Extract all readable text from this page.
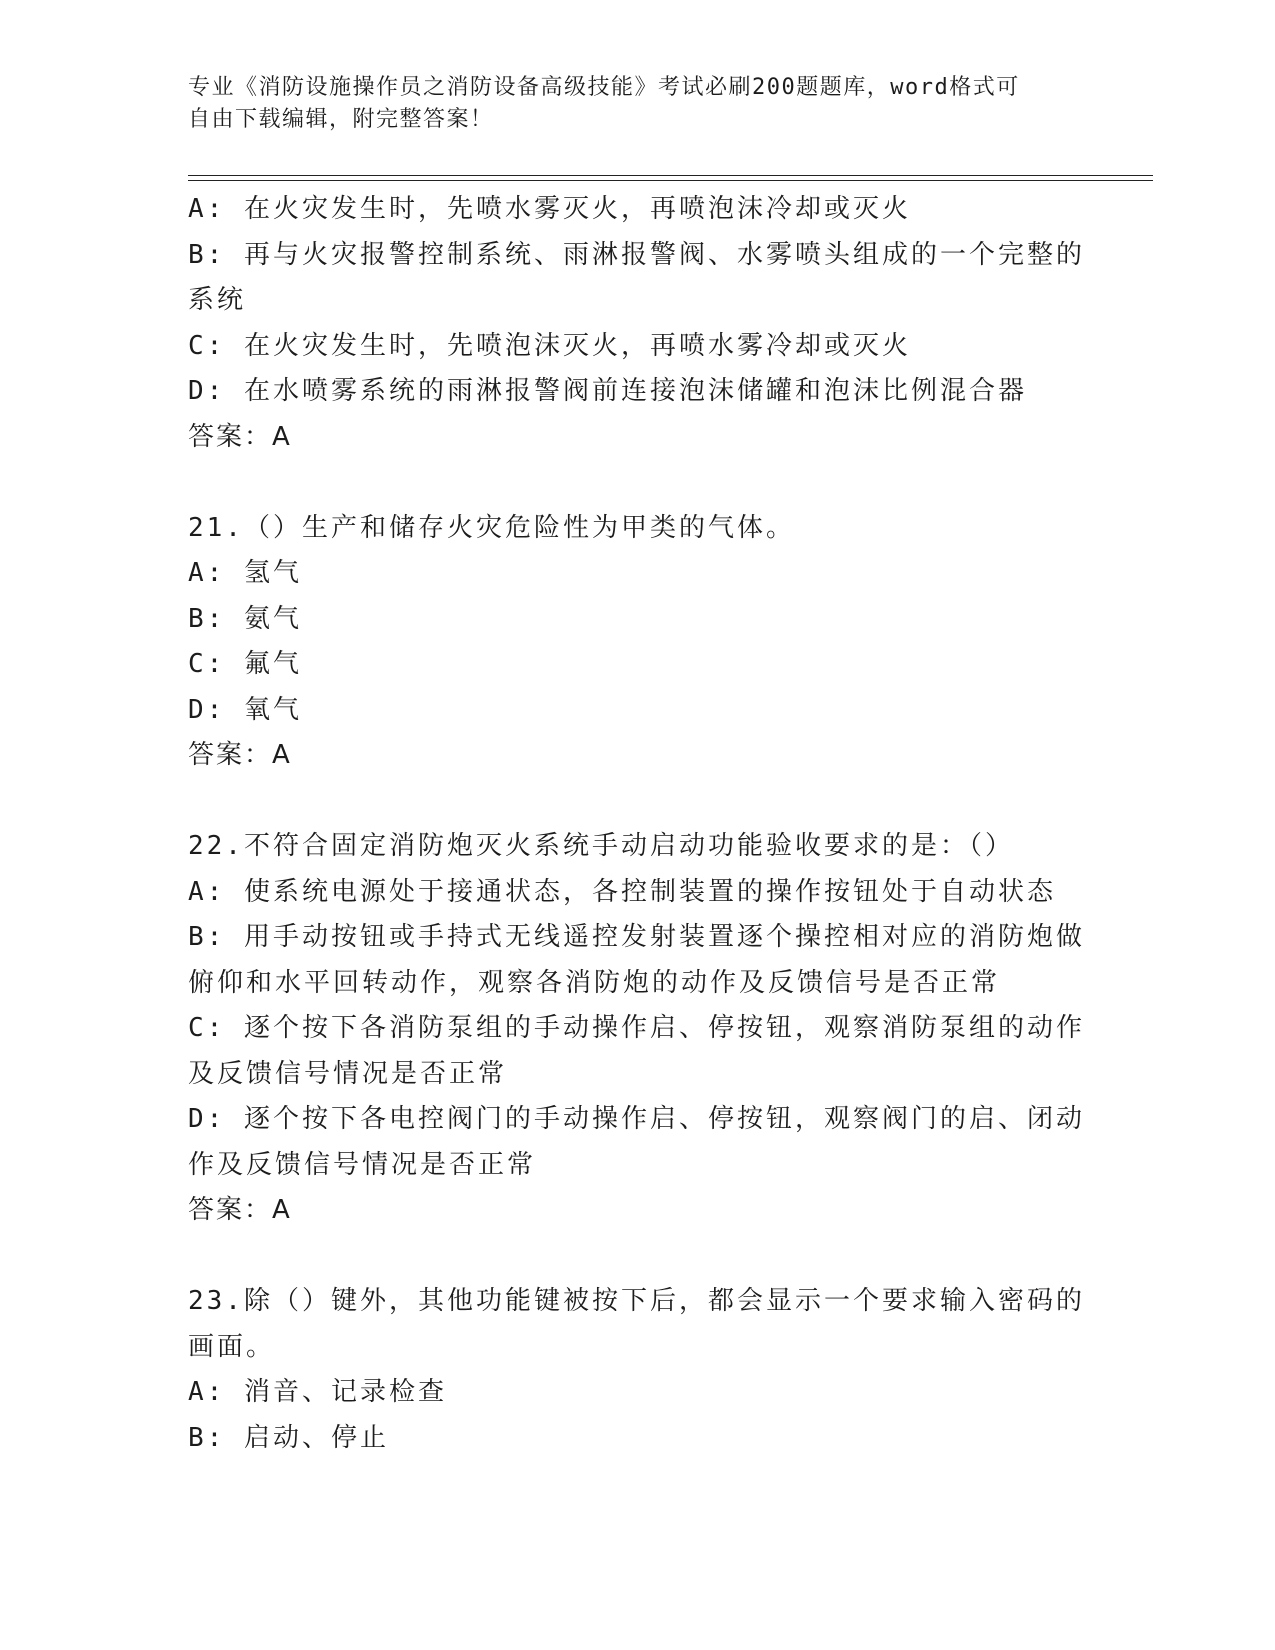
专业《消防设施操作员之消防设备高级技能》考试必刷200题题库，word格式可
自由下载编辑，附完整答案！
A: 在火灾发生时，先喷水雾灭火，再喷泡沫冷却或灭火
B: 再与火灾报警控制系统、雨淋报警阀、水雾喷头组成的一个完整的
系统
C: 在火灾发生时，先喷泡沫灭火，再喷水雾冷却或灭火
D: 在水喷雾系统的雨淋报警阀前连接泡沫储罐和泡沫比例混合器
答案：A
21.（）生产和储存火灾危险性为甲类的气体。
A: 氢气
B: 氨气
C: 氟气
D: 氧气
答案：A
22.不符合固定消防炮灭火系统手动启动功能验收要求的是：（）
A: 使系统电源处于接通状态，各控制装置的操作按钮处于自动状态
B: 用手动按钮或手持式无线遥控发射装置逐个操控相对应的消防炮做
俯仰和水平回转动作，观察各消防炮的动作及反馈信号是否正常
C: 逐个按下各消防泵组的手动操作启、停按钮，观察消防泵组的动作
及反馈信号情况是否正常
D: 逐个按下各电控阀门的手动操作启、停按钮，观察阀门的启、闭动
作及反馈信号情况是否正常
答案：A
23.除（）键外，其他功能键被按下后，都会显示一个要求输入密码的
画面。
A: 消音、记录检查
B: 启动、停止
